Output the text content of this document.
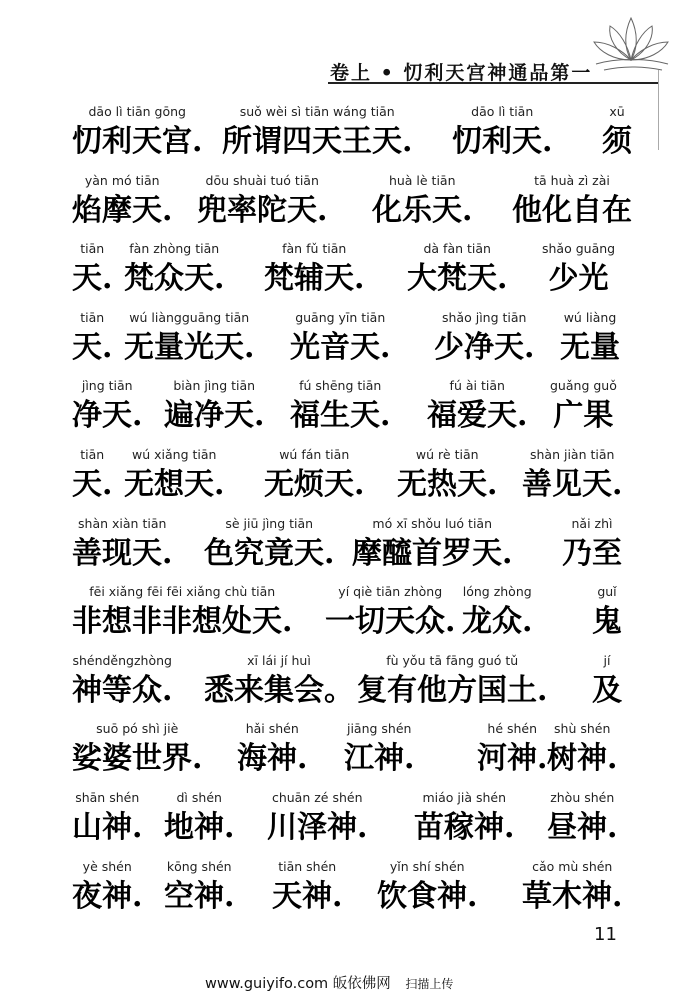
卷上 • 忉利天宫神通品第一
dāo lì tiān gōng
忉利天宫.
suǒ wèi sì tiān wáng tiān
所谓四天王天.
dāo lì tiān
忉利天.
xū
须
yàn mó tiān
焰摩天.
dōu shuài tuó tiān
兜率陀天.
huà lè tiān
化乐天.
tā huà zì zài
他化自在
tiān
天.
fàn zhòng tiān
梵众天.
fàn fǔ tiān
梵辅天.
dà fàn tiān
大梵天.
shǎo guāng
少光
tiān
天.
wú liàngguāng tiān
无量光天.
guāng yīn tiān
光音天.
shǎo jìng tiān
少净天.
wú liàng
无量
jìng tiān
净天.
biàn jìng tiān
遍净天.
fú shēng tiān
福生天.
fú ài tiān
福爱天.
guǎng guǒ
广果
tiān
天.
wú xiǎng tiān
无想天.
wú fán tiān
无烦天.
wú rè tiān
无热天.
shàn jiàn tiān
善见天.
shàn xiàn tiān
善现天.
sè jiū jìng tiān
色究竟天.
mó xī shǒu luó tiān
摩醯首罗天.
nǎi zhì
乃至
fēi xiǎng fēi fēi xiǎng chù tiān
非想非非想处天.
yí qiè tiān zhòng
一切天众.
lóng zhòng
龙众.
guǐ
鬼
shénděngzhòng
神等众.
xī lái jí huì
悉来集会。
fù yǒu tā fāng guó tǔ
复有他方国土.
jí
及
suō pó shì jiè
娑婆世界.
hǎi shén
海神.
jiāng shén
江神.
hé shén
河神.
shù shén
树神.
shān shén
山神.
dì shén
地神.
chuān zé shén
川泽神.
miáo jià shén
苗稼神.
zhòu shén
昼神.
yè shén
夜神.
kōng shén
空神.
tiān shén
天神.
yǐn shí shén
饮食神.
cǎo mù shén
草木神.
11
www.guiyifo.com 皈依佛网 扫描上传
